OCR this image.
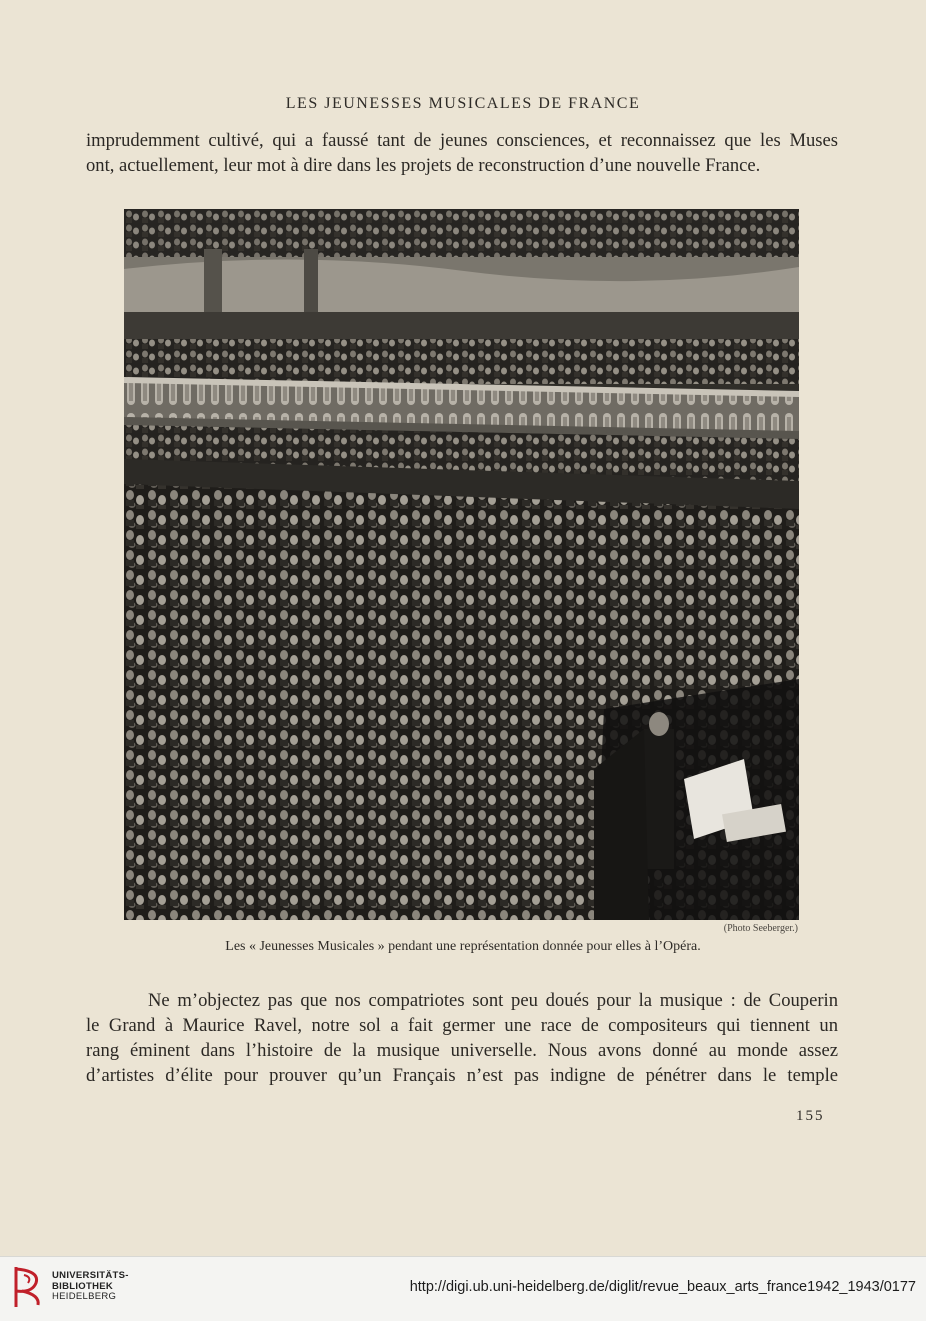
LES JEUNESSES MUSICALES DE FRANCE

imprudemment cultivé, qui a faussé tant de jeunes consciences, et reconnaissez que les Muses
ont, actuellement, leur mot à dire dans les projets de reconstruction d’une nouvelle France.

(Photo Seeberger.)
Les « Jeunesses Musicales » pendant une représentation donnée pour elles à l’Opéra.

Ne m’objectez pas que nos compatriotes sont peu doués pour la musique : de Couperin
le Grand à Maurice Ravel, notre sol a fait germer une race de compositeurs qui tiennent un
rang éminent dans l’histoire de la musique universelle. Nous avons donné au monde assez
d’artistes d’élite pour prouver qu’un Français n’est pas indigne de pénétrer dans le temple

155
UNIVERSITÄTS-
BIBLIOTHEK
HEIDELBERG
http://digi.ub.uni-heidelberg.de/diglit/revue_beaux_arts_france1942_1943/0177
